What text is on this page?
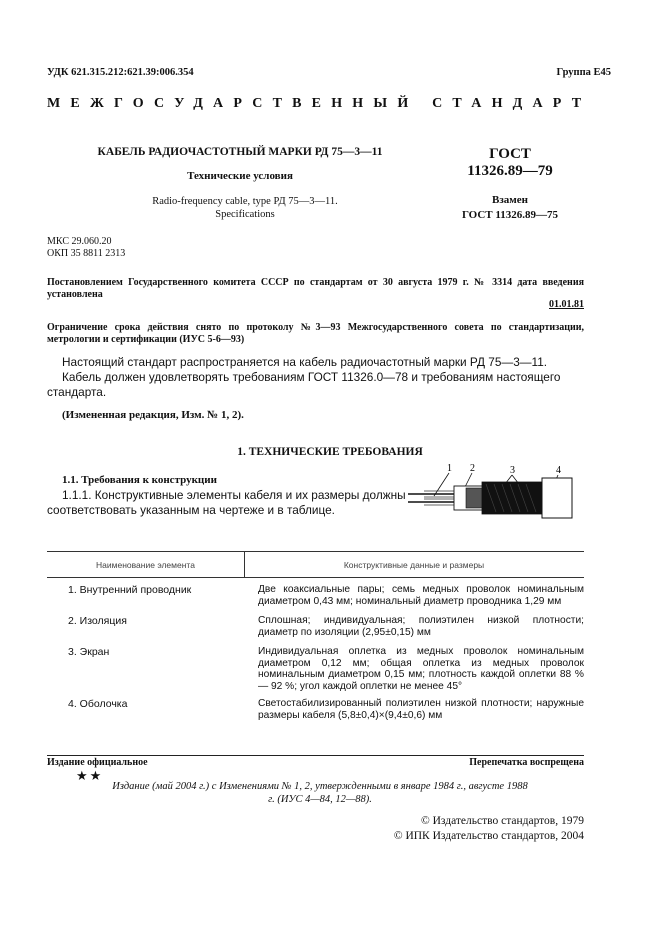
УДК 621.315.212:621.39:006.354	Группа Е45
МЕЖГОСУДАРСТВЕННЫЙ СТАНДАРТ
КАБЕЛЬ РАДИОЧАСТОТНЫЙ МАРКИ РД 75—3—11
Технические условия
Radio-frequency cable, type РД 75—3—11.
Specifications
ГОСТ
11326.89—79
Взамен
ГОСТ 11326.89—75
МКС 29.060.20
ОКП 35 8811 2313
Постановлением Государственного комитета СССР по стандартам от 30 августа 1979 г. № 3314 дата введения установлена
01.01.81
Ограничение срока действия снято по протоколу №3—93 Межгосударственного совета по стандартизации, метрологии и сертификации (ИУС 5-6—93)
Настоящий стандарт распространяется на кабель радиочастотный марки РД 75—3—11.
Кабель должен удовлетворять требованиям ГОСТ 11326.0—78 и требованиям настоящего стандарта.
(Измененная редакция, Изм. № 1, 2).
1. ТЕХНИЧЕСКИЕ ТРЕБОВАНИЯ
1.1. Требования к конструкции
1.1.1. Конструктивные элементы кабеля и их размеры должны соответствовать указанным на чертеже и в таблице.
1 2	3	4
Наименование элемента	Конструктивные данные и размеры
1. Внутренний проводник	Две коаксиальные пары; семь медных проволок номинальным диаметром 0,43 мм; номинальный диаметр проводника 1,29 мм
2. Изоляция	Сплошная; индивидуальная; полиэтилен низкой плотности; диаметр по изоляции (2,95±0,15) мм
3. Экран	Индивидуальная оплетка из медных проволок номинальным диаметром 0,12 мм; общая оплетка из медных проволок номинальным диаметром 0,15 мм; плотность каждой оплетки 88 % — 92 %; угол каждой оплетки не менее 45°
4. Оболочка	Светостабилизированный полиэтилен низкой плотности; наружные размеры кабеля (5,8±0,4)×(9,4±0,6) мм
Издание официальное
★★
Перепечатка воспрещена
Издание (май 2004 г.) с Изменениями № 1, 2, утвержденными в январе 1984 г., августе 1988 г. (ИУС 4—84, 12—88).
© Издательство стандартов, 1979
© ИПК Издательство стандартов, 2004
